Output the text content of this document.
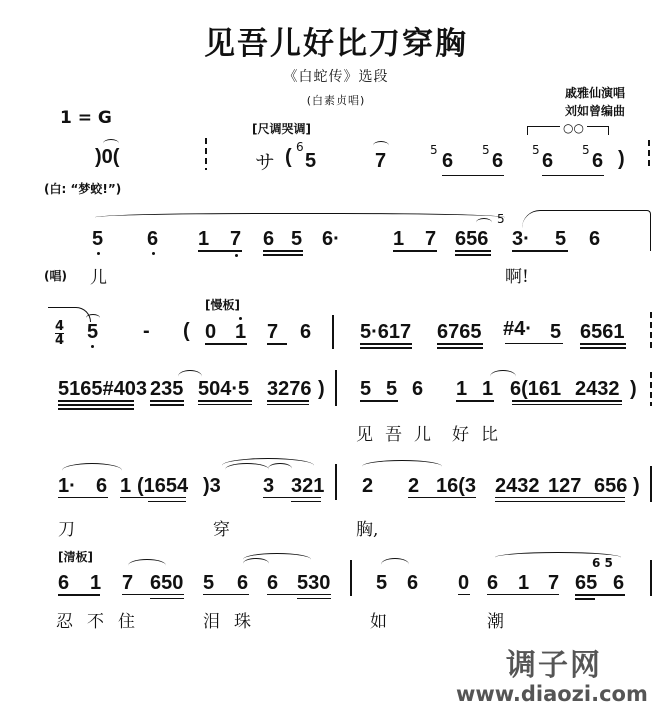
见吾儿好比刀穿胸
《白蛇传》选段
(白素贞唱)
戚雅仙演唱
刘如曾编曲
1 = G
[尺调哭调]	○○
)0(
(白: “梦蛟!”)
サ ( 6
5	7	5 6 5 6 5 6 5 6 )
5 6 1 7 6 5 6·	1 7 656
5
3· 5 6
(唱) 儿	啊!
[慢板]
4
4 5 - ( 0 1 7 6 5·617 6765 #4· 5 6561
5165#403 235 504·5 3276 ) 5 5 6 1 1 6(161 2432 )
见吾儿 好比
1· 6 1 (1654 )3 3 321 2 2 16(3 2432 127 656 )
刀	穿	胸,
[清板]
6 1 7 650 5 6 6 530 5 6 0 6 1 7
6 5
65 6
忍不住	泪珠	如	潮
调子网
www.diaozi.com
